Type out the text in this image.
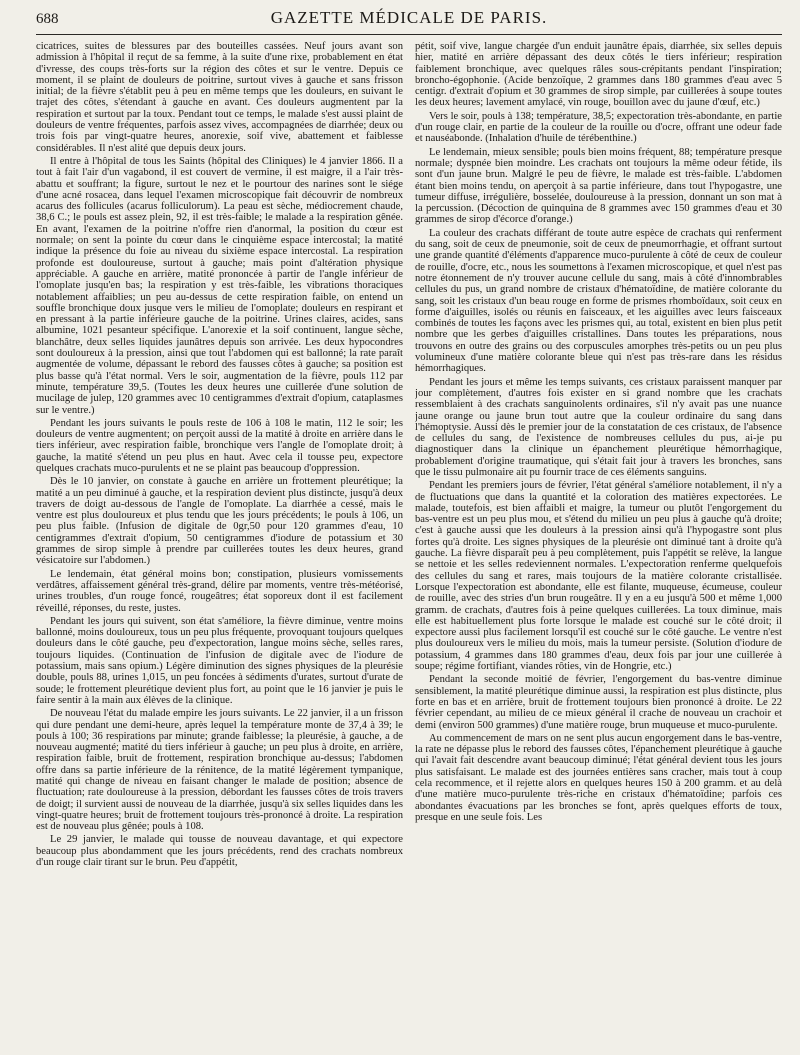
688	GAZETTE MÉDICALE DE PARIS.

cicatrices, suites de blessures par des bouteilles cassées. Neuf jours avant son admission à l'hôpital il reçut de sa femme, à la suite d'une rixe, probablement en état d'ivresse, des coups très-forts sur la région des côtes et sur le ventre. Depuis ce moment, il se plaint de douleurs de poitrine, surtout vives à gauche et sans frisson initial; de la fièvre s'établit peu à peu en même temps que les douleurs, en suivant le trajet des côtes, s'étendant à gauche en avant. Ces douleurs augmentent par la respiration et surtout par la toux. Pendant tout ce temps, le malade s'est aussi plaint de douleurs de ventre fréquentes, parfois assez vives, accompagnées de diarrhée; deux ou trois fois par vingt-quatre heures, anorexie, soif vive, abattement et faiblesse considérables. Il n'est alité que depuis deux jours.

Il entre à l'hôpital de tous les Saints (hôpital des Cliniques) le 4 janvier 1866. Il a tout à fait l'air d'un vagabond, il est couvert de vermine, il est maigre, il a l'air très-abattu et souffrant; la figure, surtout le nez et le pourtour des narines sont le siége d'une acné rosacea, dans lequel l'examen microscopique fait découvrir de nombreux acarus des follicules (acarus folliculorum). La peau est sèche, médiocrement chaude, 38,6 C.; le pouls est assez plein, 92, il est très-faible; le malade a la respiration gênée. En avant, l'examen de la poitrine n'offre rien d'anormal, la position du cœur est normale; on sent la pointe du cœur dans le cinquième espace intercostal; la matité indique la présence du foie au niveau du sixième espace intercostal. La respiration profonde est douloureuse, surtout à gauche; mais point d'altération physique appréciable. A gauche en arrière, matité prononcée à partir de l'angle inférieur de l'omoplate jusqu'en bas; la respiration y est très-faible, les vibrations thoraciques notablement affaiblies; un peu au-dessus de cette respiration faible, on entend un souffle bronchique doux jusque vers le milieu de l'omoplate; douleurs en respirant et en pressant à la partie inférieure gauche de la poitrine. Urines claires, acides, sans albumine, 1021 pesanteur spécifique. L'anorexie et la soif continuent, langue sèche, blanchâtre, deux selles liquides jaunâtres depuis son arrivée. Les deux hypocondres sont douloureux à la pression, ainsi que tout l'abdomen qui est ballonné; la rate paraît augmentée de volume, dépassant le rebord des fausses côtes à gauche; sa position est plus basse qu'à l'état normal. Vers le soir, augmentation de la fièvre, pouls 112 par minute, température 39,5. (Toutes les deux heures une cuillerée d'une solution de mucilage de julep, 120 grammes avec 10 centigrammes d'extrait d'opium, cataplasmes sur le ventre.)

Pendant les jours suivants le pouls reste de 106 à 108 le matin, 112 le soir; les douleurs de ventre augmentent; on perçoit aussi de la matité à droite en arrière dans le tiers inférieur, avec respiration faible, bronchique vers l'angle de l'omoplate droit; à gauche, la matité s'étend un peu plus en haut. Avec cela il tousse peu, expectore quelques crachats muco-purulents et ne se plaint pas beaucoup d'oppression.

Dès le 10 janvier, on constate à gauche en arrière un frottement pleurétique; la matité a un peu diminué à gauche, et la respiration devient plus distincte, jusqu'à deux travers de doigt au-dessous de l'angle de l'omoplate. La diarrhée a cessé, mais le ventre est plus douloureux et plus tendu que les jours précédents; le pouls à 106, un peu plus faible. (Infusion de digitale de 0gr,50 pour 120 grammes d'eau, 10 centigrammes d'extrait d'opium, 50 centigrammes d'iodure de potassium et 30 grammes de sirop simple à prendre par cuillerées toutes les deux heures, grand vésicatoire sur l'abdomen.)

Le lendemain, état général moins bon; constipation, plusieurs vomissements verdâtres, affaissement général très-grand, délire par moments, ventre très-météorisé, urines troubles, d'un rouge foncé, rougeâtres; état soporeux dont il est facilement réveillé, réponses, du reste, justes.

Pendant les jours qui suivent, son état s'améliore, la fièvre diminue, ventre moins ballonné, moins douloureux, tous un peu plus fréquente, provoquant toujours quelques douleurs dans le côté gauche, peu d'expectoration, langue moins sèche, selles rares, toujours liquides. (Continuation de l'infusion de digitale avec de l'iodure de potassium, mais sans opium.) Légère diminution des signes physiques de la pleurésie double, pouls 88, urines 1,015, un peu foncées à sédiments d'urates, surtout d'urate de soude; le frottement pleurétique devient plus fort, au point que le 16 janvier je puis le faire sentir à la main aux élèves de la clinique.

De nouveau l'état du malade empire les jours suivants. Le 22 janvier, il a un frisson qui dure pendant une demi-heure, après lequel la température monte de 37,4 à 39; le pouls à 100; 36 respirations par minute; grande faiblesse; la pleurésie, à gauche, a de nouveau augmenté; matité du tiers inférieur à gauche; un peu plus à droite, en arrière, respiration faible, bruit de frottement, respiration bronchique au-dessus; l'abdomen offre dans sa partie inférieure de la rénitence, de la matité légèrement tympanique, matité qui change de niveau en faisant changer le malade de position; absence de fluctuation; rate douloureuse à la pression, débordant les fausses côtes de trois travers de doigt; il survient aussi de nouveau de la diarrhée, jusqu'à six selles liquides dans les vingt-quatre heures; bruit de frottement toujours très-prononcé à droite. La respiration est de nouveau plus gênée; pouls à 108.

Le 29 janvier, le malade qui tousse de nouveau davantage, et qui expectore beaucoup plus abondamment que les jours précédents, rend des crachats nombreux d'un rouge clair tirant sur le brun. Peu d'appétit,

pétit, soif vive, langue chargée d'un enduit jaunâtre épais, diarrhée, six selles depuis hier, matité en arrière dépassant des deux côtés le tiers inférieur; respiration faiblement bronchique, avec quelques râles sous-crépitants pendant l'inspiration; broncho-égophonie. (Acide benzoïque, 2 grammes dans 180 grammes d'eau avec 5 centigr. d'extrait d'opium et 30 grammes de sirop simple, par cuillerées à soupe toutes les deux heures; lavement amylacé, vin rouge, bouillon avec du jaune d'œuf, etc.)

Vers le soir, pouls à 138; température, 38,5; expectoration très-abondante, en partie d'un rouge clair, en partie de la couleur de la rouille ou d'ocre, offrant une odeur fade et nauséabonde. (Inhalation d'huile de térébenthine.)

Le lendemain, mieux sensible; pouls bien moins fréquent, 88; température presque normale; dyspnée bien moindre. Les crachats ont toujours la même odeur fétide, ils sont d'un jaune brun. Malgré le peu de fièvre, le malade est très-faible. L'abdomen étant bien moins tendu, on aperçoit à sa partie inférieure, dans tout l'hypogastre, une tumeur diffuse, irrégulière, bosselée, douloureuse à la pression, donnant un son mat à la percussion. (Décoction de quinquina de 8 grammes avec 150 grammes d'eau et 30 grammes de sirop d'écorce d'orange.)

La couleur des crachats différant de toute autre espèce de crachats qui renferment du sang, soit de ceux de pneumonie, soit de ceux de pneumorrhagie, et offrant surtout une grande quantité d'éléments d'apparence muco-purulente à côté de ceux de couleur de rouille, d'ocre, etc., nous les soumettons à l'examen microscopique, et quel n'est pas notre étonnement de n'y trouver aucune cellule du sang, mais à côté d'innombrables cellules du pus, un grand nombre de cristaux d'hématoïdine, de matière colorante du sang, soit les cristaux d'un beau rouge en forme de prismes rhomboïdaux, soit ceux en forme d'aiguilles, isolés ou réunis en faisceaux, et les aiguilles avec leurs faisceaux combinés de toutes les façons avec les prismes qui, au total, existent en bien plus petit nombre que les gerbes d'aiguilles cristallines. Dans toutes les préparations, nous trouvons en outre des grains ou des corpuscules amorphes très-petits ou un peu plus volumineux d'une matière colorante bleue qui n'est pas très-rare dans les résidus hémorrhagiques.

Pendant les jours et même les temps suivants, ces cristaux paraissent manquer par jour complètement, d'autres fois exister en si grand nombre que les crachats ressemblaient à des crachats sanguinolents ordinaires, s'il n'y avait pas une nuance jaune orange ou jaune brun tout autre que la couleur ordinaire du sang dans l'hémoptysie. Aussi dès le premier jour de la constatation de ces cristaux, de l'absence de cellules du sang, de l'existence de nombreuses cellules du pus, ai-je pu diagnostiquer dans la clinique un épanchement pleurétique hémorrhagique, probablement d'origine traumatique, qui s'était fait jour à travers les bronches, sans que le tissu pulmonaire ait pu fournir trace de ces éléments sanguins.

Pendant les premiers jours de février, l'état général s'améliore notablement, il n'y a de fluctuations que dans la quantité et la coloration des matières expectorées. Le malade, toutefois, est bien affaibli et maigre, la tumeur ou plutôt l'engorgement du bas-ventre est un peu plus mou, et s'étend du milieu un peu plus à gauche qu'à droite; c'est à gauche aussi que les douleurs à la pression ainsi qu'à l'hypogastre sont plus fortes qu'à droite. Les signes physiques de la pleurésie ont diminué tant à droite qu'à gauche. La fièvre disparaît peu à peu complètement, puis l'appétit se relève, la langue se nettoie et les selles redeviennent normales. L'expectoration renferme quelquefois des cellules du sang et rares, mais toujours de la matière colorante cristallisée. Lorsque l'expectoration est abondante, elle est filante, muqueuse, écumeuse, couleur de rouille, avec des stries d'un brun rougeâtre. Il y en a eu jusqu'à 500 et même 1,000 gramm. de crachats, d'autres fois à peine quelques cuillerées. La toux diminue, mais elle est habituellement plus forte lorsque le malade est couché sur le côté droit; il expectore aussi plus facilement lorsqu'il est couché sur le côté gauche. Le ventre n'est plus douloureux vers le milieu du mois, mais la tumeur persiste. (Solution d'iodure de potassium, 4 grammes dans 180 grammes d'eau, deux fois par jour une cuillerée à soupe; régime fortifiant, viandes rôties, vin de Hongrie, etc.)

Pendant la seconde moitié de février, l'engorgement du bas-ventre diminue sensiblement, la matité pleurétique diminue aussi, la respiration est plus distincte, plus forte en bas et en arrière, bruit de frottement toujours bien prononcé à droite. Le 22 février cependant, au milieu de ce mieux général il crache de nouveau un crachoir et demi (environ 500 grammes) d'une matière rouge, brun muqueuse et muco-purulente.

Au commencement de mars on ne sent plus aucun engorgement dans le bas-ventre, la rate ne dépasse plus le rebord des fausses côtes, l'épanchement pleurétique à gauche qui l'avait fait descendre avant beaucoup diminué; l'état général devient tous les jours plus satisfaisant. Le malade est des journées entières sans cracher, mais tout à coup cela recommence, et il rejette alors en quelques heures 150 à 200 gramm. et au delà d'une matière muco-purulente très-riche en cristaux d'hématoïdine; parfois ces abondantes évacuations par les bronches se font, après quelques efforts de toux, presque en une seule fois. Les
